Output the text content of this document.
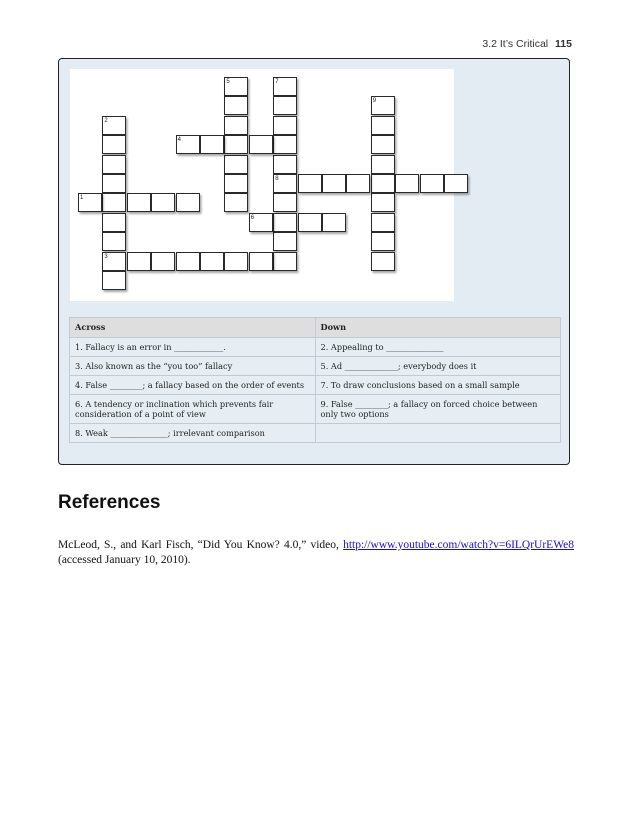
3.2 It’s Critical 115
1
2
3
4
5
6
7
8
9
Across	Down
1. Fallacy is an error in ____________.	2. Appealing to ______________
3. Also known as the “you too” fallacy	5. Ad _____________; everybody does it
4. False ________; a fallacy based on the order of events	7. To draw conclusions based on a small sample
6. A tendency or inclination which prevents fair consideration of a point of view	9. False ________; a fallacy on forced choice between only two options
8. Weak ______________; irrelevant comparison	
References

McLeod, S., and Karl Fisch, “Did You Know? 4.0,” video, http://www.youtube.com/watch?v=6ILQrUrEWe8 (accessed January 10, 2010).
